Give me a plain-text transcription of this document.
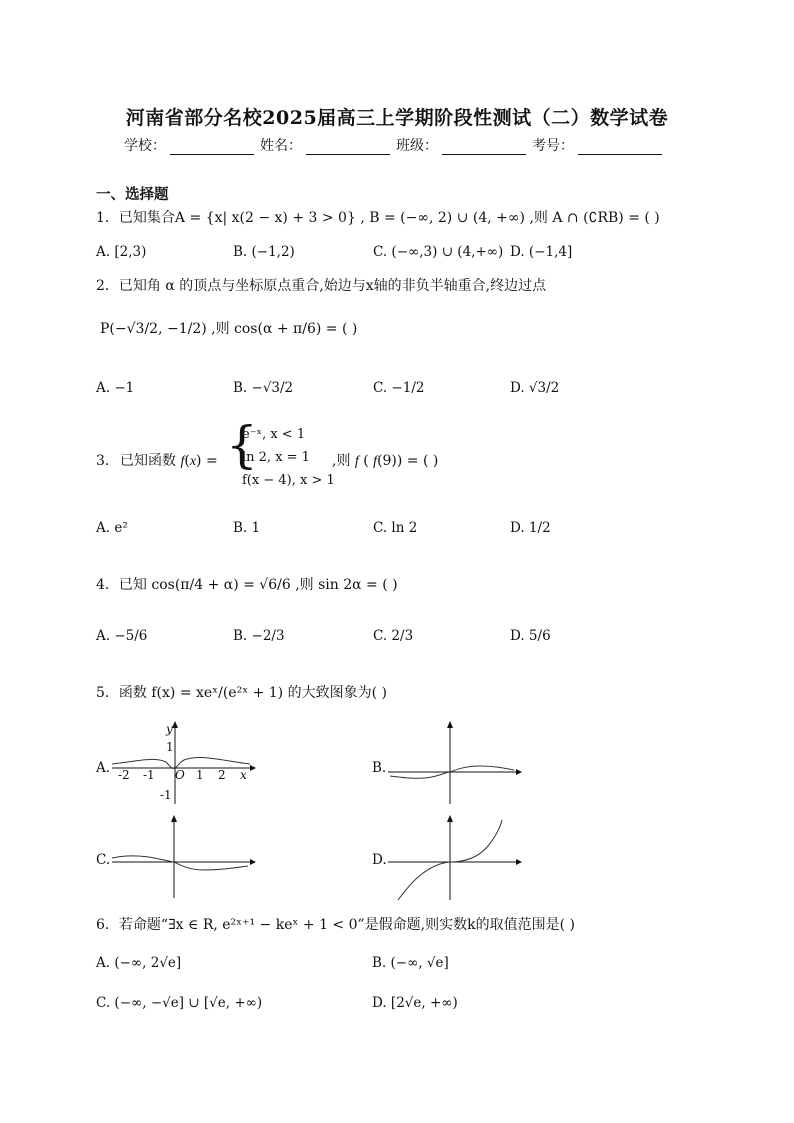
河南省部分名校2025届高三上学期阶段性测试（二）数学试卷
学校：	姓名：	班级：	考号：
一、选择题
1．已知集合A = {x| x(2 − x) + 3 > 0} , B = (−∞, 2) ∪ (4, +∞) ,则 A ∩ (∁RB) = ( )
A. [2,3)	B. (−1,2)	C. (−∞,3) ∪ (4,+∞) D. (−1,4]
2．已知角 α 的顶点与坐标原点重合,始边与x轴的非负半轴重合,终边过点
P(−√3/2, −1/2) ,则 cos(α + π/6) = ( )
A. −1	B. −√3/2	C. −1/2	D. √3/2
3． 已知函数 f(x) = {
e⁻ˣ, x < 1
ln 2, x = 1
f(x − 4), x > 1
,则 f ( f(9)) = ( )
A. e²	B. 1	C. ln 2	D. 1/2
4．已知 cos(π/4 + α) = √6/6 ,则 sin 2α = ( )
A. −5/6	B. −2/3	C. 2/3	D. 5/6
5．函数 f(x) = xeˣ/(e²ˣ + 1) 的大致图象为( )
A.
y
x	B.
C.	D.
-2 -1 O 1 2
1
-1
6．若命题“∃x ∈ R, e²ˣ⁺¹ − keˣ + 1 < 0”是假命题,则实数k的取值范围是( )
A. (−∞, 2√e]	B. (−∞, √e]
C. (−∞, −√e] ∪ [√e, +∞)	D. [2√e, +∞)
